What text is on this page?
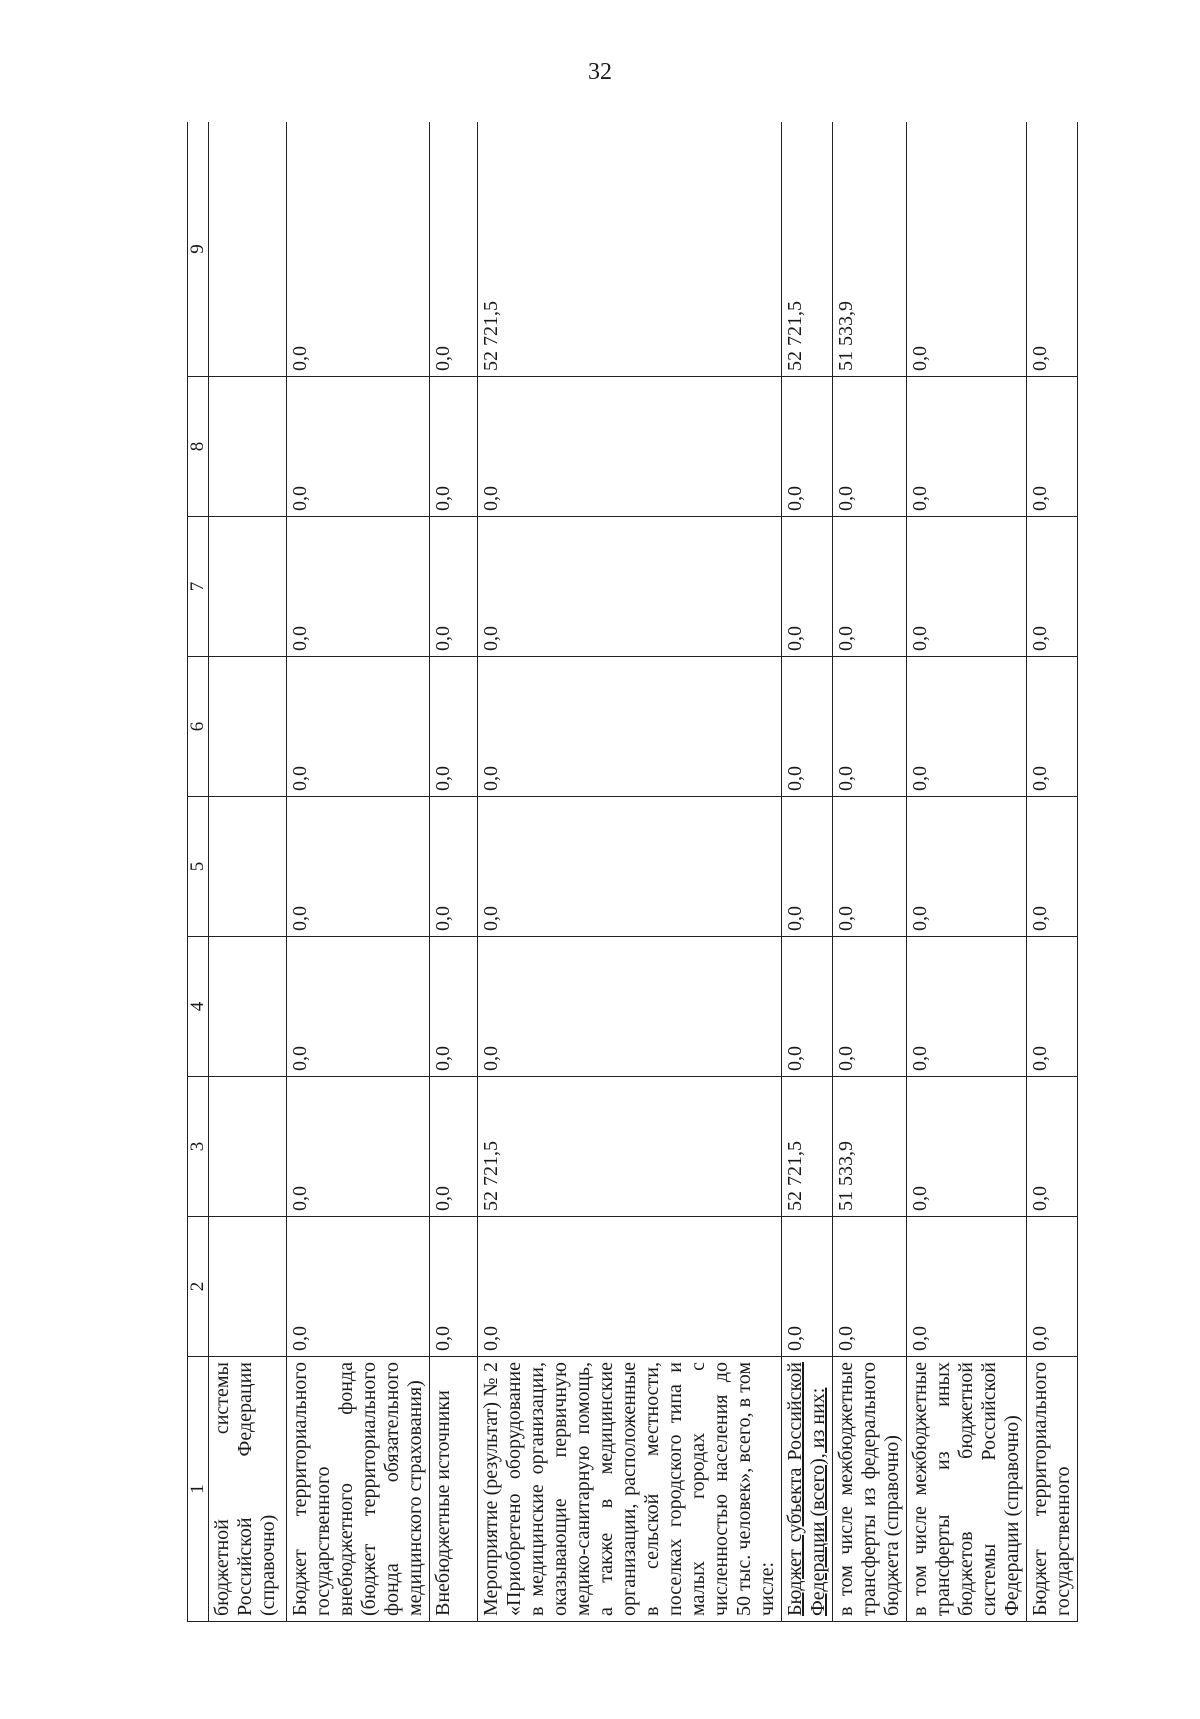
32
1	2	3	4	5	6	7	8	9
бюджетной системы Российской Федерации (справочно)								
Бюджет территориального государственного внебюджетного фонда (бюджет территориального фонда обязательного медицинского страхования)	0,0	0,0	0,0	0,0	0,0	0,0	0,0	0,0
Внебюджетные источники	0,0	0,0	0,0	0,0	0,0	0,0	0,0	0,0
Мероприятие (результат) № 2 «Приобретено оборудование в медицинские организации, оказывающие первичную медико-санитарную помощь, а также в медицинские организации, расположенные в сельской местности, поселках городского типа и малых городах с численностью населения до 50 тыс. человек», всего, в том числе:	0,0	52 721,5	0,0	0,0	0,0	0,0	0,0	52 721,5
Бюджет субъекта Российской Федерации (всего), из них:	0,0	52 721,5	0,0	0,0	0,0	0,0	0,0	52 721,5
в том числе межбюджетные трансферты из федерального бюджета (справочно)	0,0	51 533,9	0,0	0,0	0,0	0,0	0,0	51 533,9
в том числе межбюджетные трансферты из иных бюджетов бюджетной системы Российской Федерации (справочно)	0,0	0,0	0,0	0,0	0,0	0,0	0,0	0,0
Бюджет территориального государственного	0,0	0,0	0,0	0,0	0,0	0,0	0,0	0,0
